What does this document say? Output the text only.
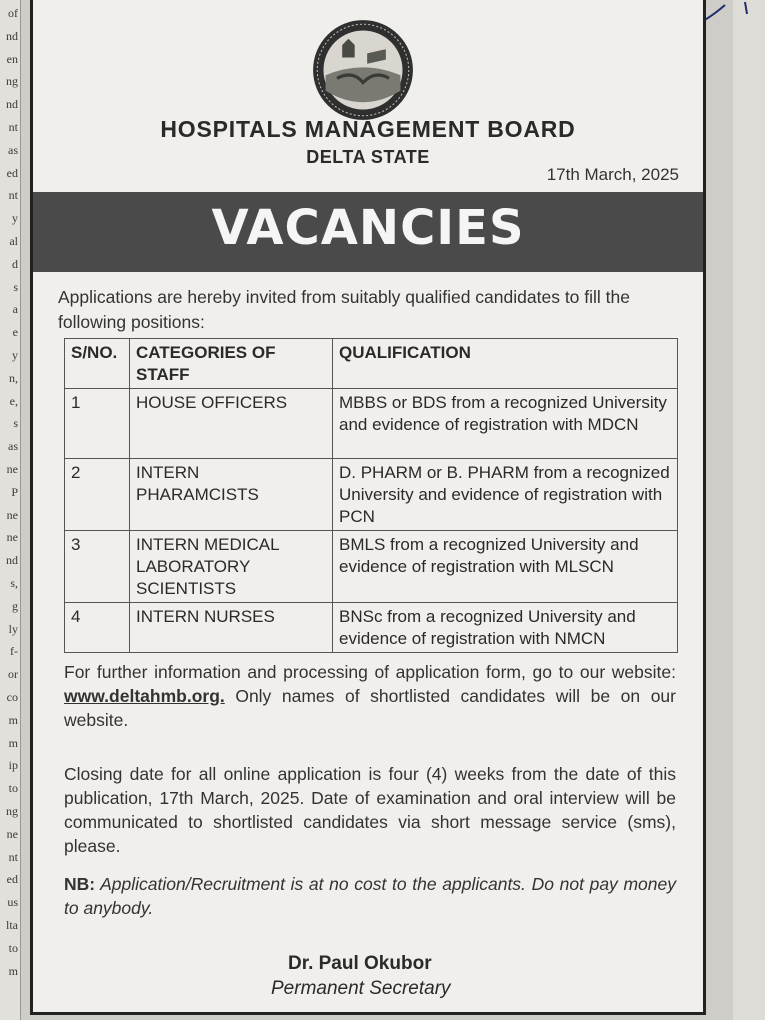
of
nd
en
ng
nd
nt
as
ed
nt
y
al
d
s
a
e
y
n,
e,
s
as
ne
P
ne
ne
nd
s,
g
ly
f-
or
co
m
m
ip
to
ng
ne
nt
ed
us
lta
to
m
HOSPITALS MANAGEMENT BOARD
DELTA STATE
17th March, 2025
VACANCIES
Applications are hereby invited from suitably qualified candidates to fill the following positions:
S/NO.	CATEGORIES OF STAFF	QUALIFICATION
1	HOUSE OFFICERS	MBBS or BDS from a recognized University and evidence of registration with MDCN
2	INTERN PHARAMCISTS	D. PHARM or B. PHARM from a recognized University and evidence of registration with PCN
3	INTERN MEDICAL LABORATORY SCIENTISTS	BMLS from a recognized University and evidence of registration with MLSCN
4	INTERN NURSES	BNSc from a recognized University and evidence of registration with NMCN
For further information and processing of application form, go to our website: www.deltahmb.org. Only names of shortlisted candidates will be on our website.
Closing date for all online application is four (4) weeks from the date of this publication, 17th March, 2025. Date of examination and oral interview will be communicated to shortlisted candidates via short message service (sms), please.
NB: Application/Recruitment is at no cost to the applicants. Do not pay money to anybody.
Dr. Paul Okubor
Permanent Secretary
